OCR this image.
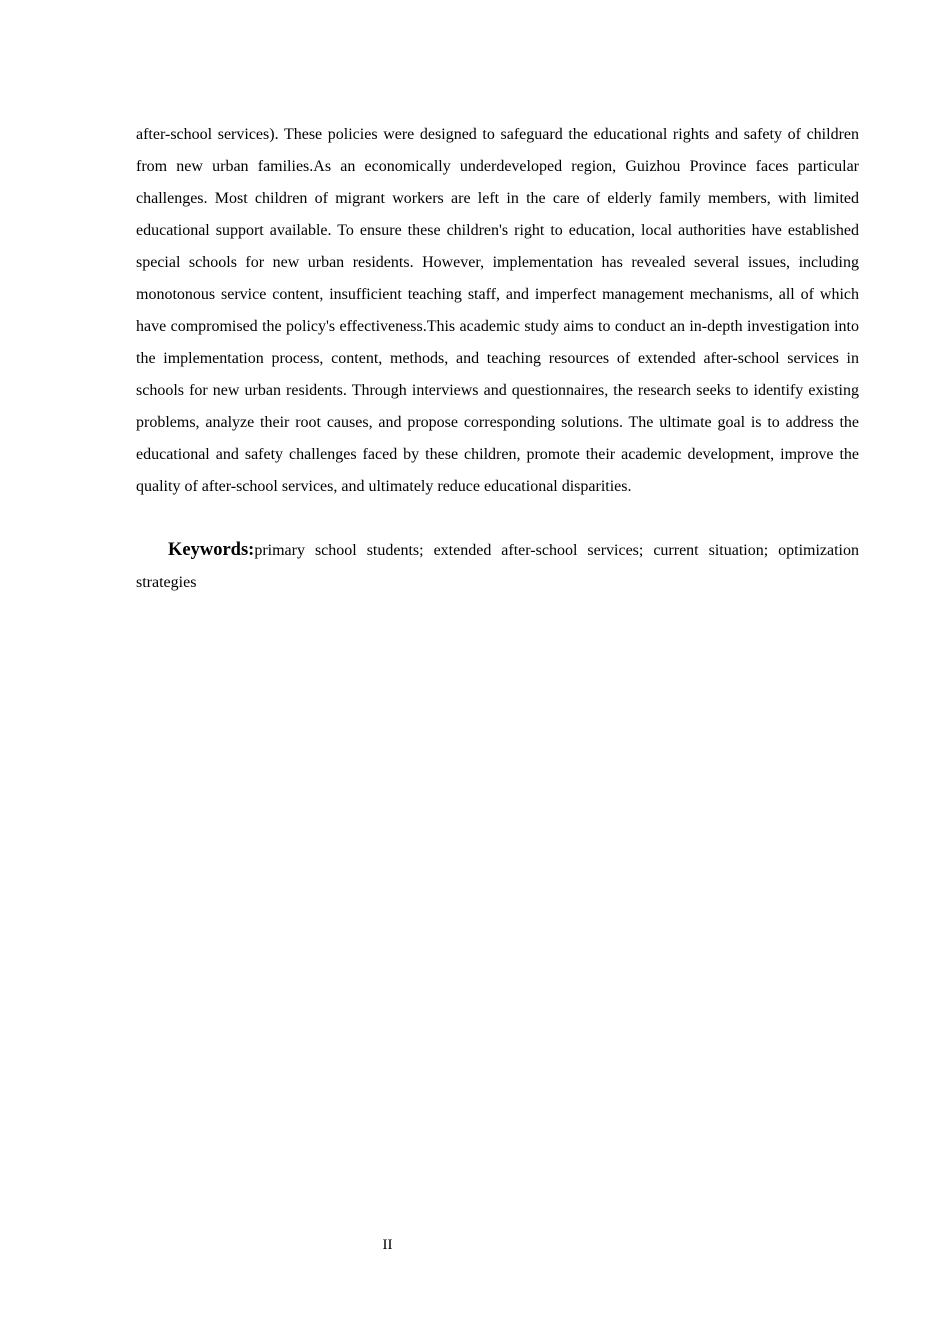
after-school services). These policies were designed to safeguard the educational rights and safety of children from new urban families.As an economically underdeveloped region, Guizhou Province faces particular challenges. Most children of migrant workers are left in the care of elderly family members, with limited educational support available. To ensure these children's right to education, local authorities have established special schools for new urban residents. However, implementation has revealed several issues, including monotonous service content, insufficient teaching staff, and imperfect management mechanisms, all of which have compromised the policy's effectiveness.This academic study aims to conduct an in-depth investigation into the implementation process, content, methods, and teaching resources of extended after-school services in schools for new urban residents. Through interviews and questionnaires, the research seeks to identify existing problems, analyze their root causes, and propose corresponding solutions. The ultimate goal is to address the educational and safety challenges faced by these children, promote their academic development, improve the quality of after-school services, and ultimately reduce educational disparities.

Keywords:primary school students; extended after-school services; current situation; optimization strategies

II
